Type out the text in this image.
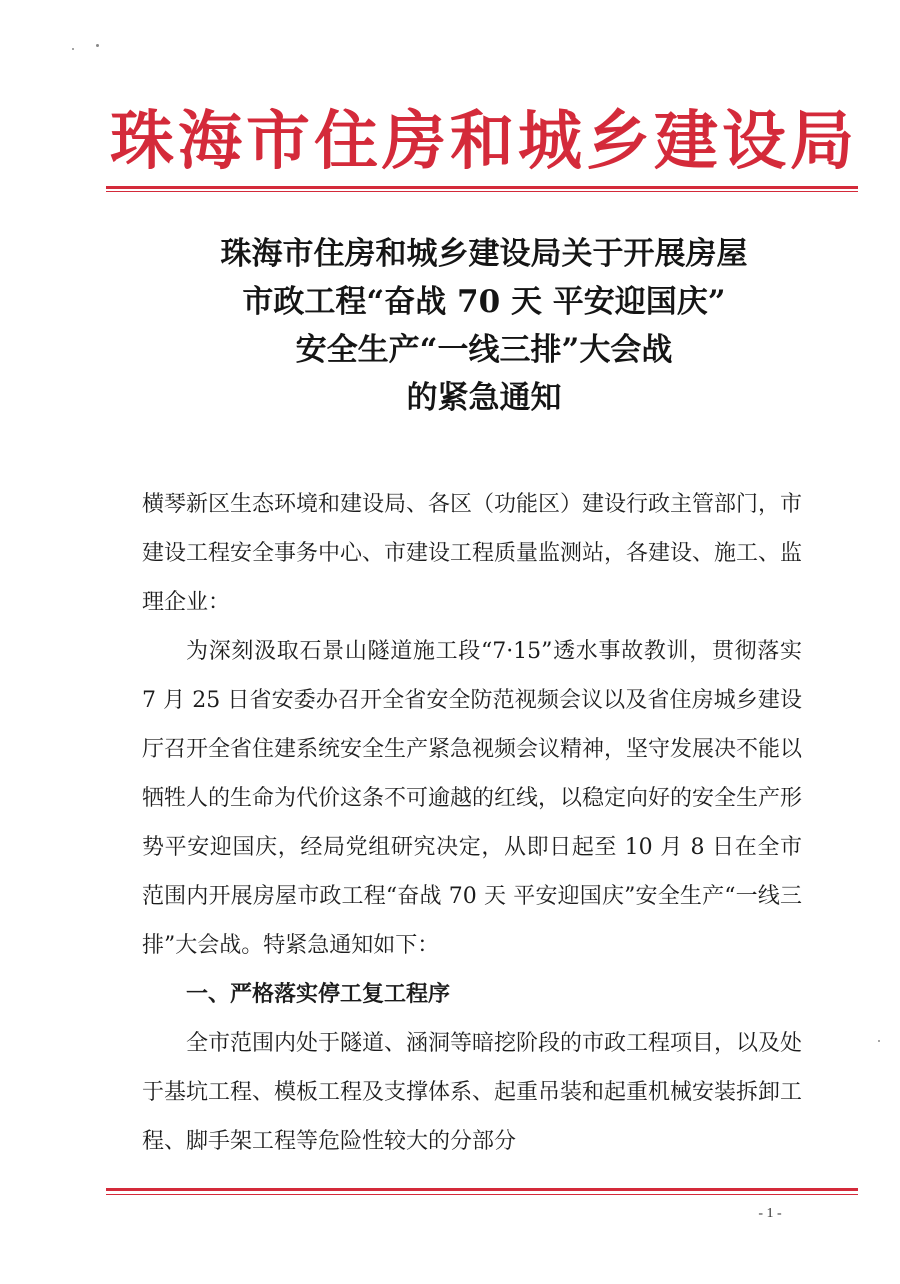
珠海市住房和城乡建设局
珠海市住房和城乡建设局关于开展房屋
市政工程“奋战 70 天 平安迎国庆”
安全生产“一线三排”大会战
的紧急通知

横琴新区生态环境和建设局、各区（功能区）建设行政主管部门，市建设工程安全事务中心、市建设工程质量监测站，各建设、施工、监理企业：

为深刻汲取石景山隧道施工段“7·15”透水事故教训，贯彻落实 7 月 25 日省安委办召开全省安全防范视频会议以及省住房城乡建设厅召开全省住建系统安全生产紧急视频会议精神，坚守发展决不能以牺牲人的生命为代价这条不可逾越的红线，以稳定向好的安全生产形势平安迎国庆，经局党组研究决定，从即日起至 10 月 8 日在全市范围内开展房屋市政工程“奋战 70 天 平安迎国庆”安全生产“一线三排”大会战。特紧急通知如下：

一、严格落实停工复工程序

全市范围内处于隧道、涵洞等暗挖阶段的市政工程项目，以及处于基坑工程、模板工程及支撑体系、起重吊装和起重机械安装拆卸工程、脚手架工程等危险性较大的分部分

- 1 -
